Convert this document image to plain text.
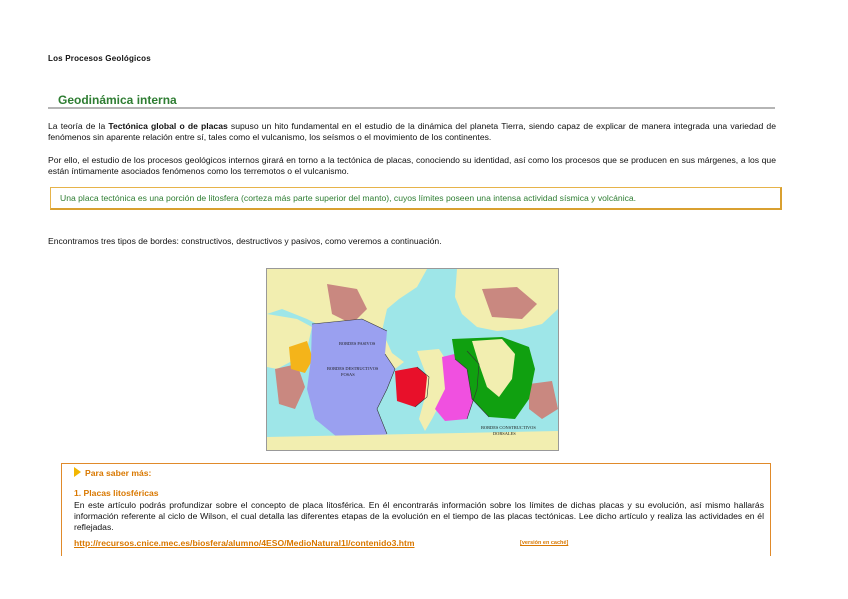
Los Procesos Geológicos
Geodinámica interna
La teoría de la Tectónica global o de placas supuso un hito fundamental en el estudio de la dinámica del planeta Tierra, siendo capaz de explicar de manera integrada una variedad de fenómenos sin aparente relación entre sí, tales como el vulcanismo, los seísmos o el movimiento de los continentes.
Por ello, el estudio de los procesos geológicos internos girará en torno a la tectónica de placas, conociendo su identidad, así como los procesos que se producen en sus márgenes, a los que están íntimamente asociados fenómenos como los terremotos o el vulcanismo.
Una placa tectónica es una porción de litosfera (corteza más parte superior del manto), cuyos límites poseen una intensa actividad sísmica y volcánica.
Encontramos tres tipos de bordes: constructivos, destructivos y pasivos, como veremos a continuación.
BORDES PASIVOS
BORDES DESTRUCTIVOS
FOSAS
BORDES CONSTRUCTIVOS
DORSALES
Para saber más:
1. Placas litosféricas
En este artículo podrás profundizar sobre el concepto de placa litosférica. En él encontrarás información sobre los límites de dichas placas y su evolución, así mismo hallarás información referente al ciclo de Wilson, el cual detalla las diferentes etapas de la evolución en el tiempo de las placas tectónicas. Lee dicho artículo y realiza las actividades en él reflejadas.
http://recursos.cnice.mec.es/biosfera/alumno/4ESO/MedioNatural1l/contenido3.htm	[versión en caché]
